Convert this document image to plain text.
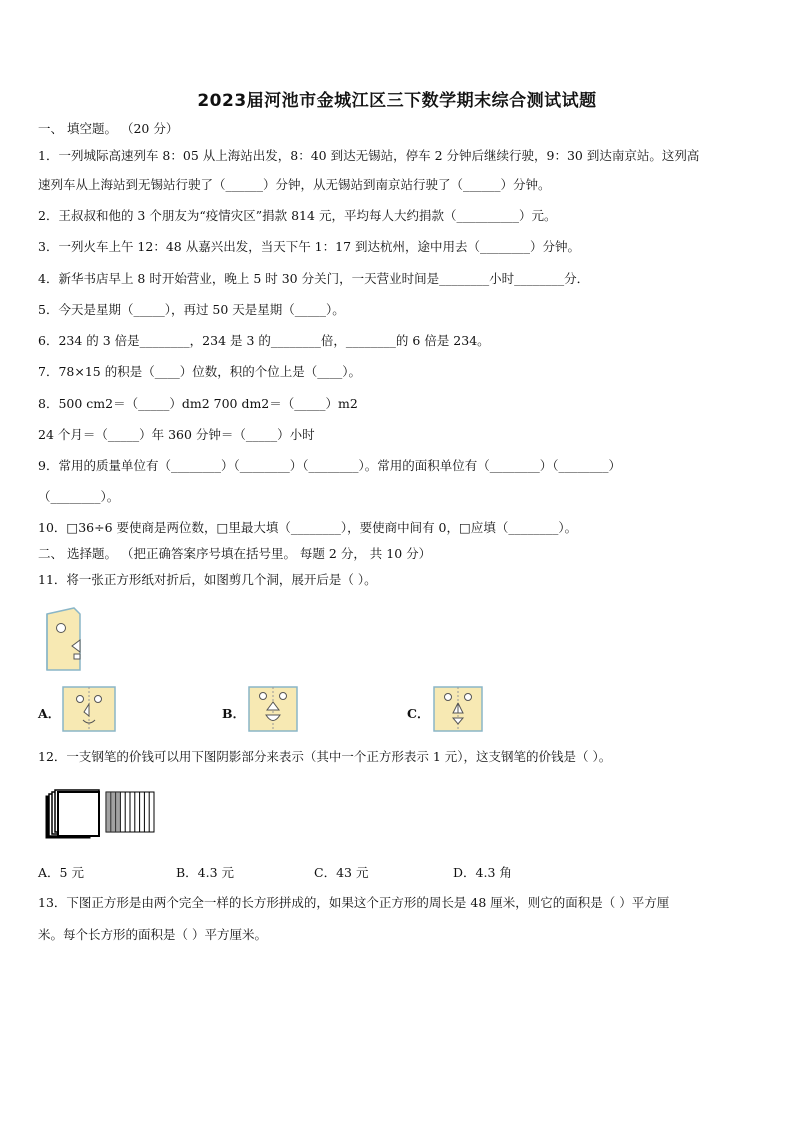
2023届河池市金城江区三下数学期末综合测试试题
一、 填空题。 （20 分）
1．一列城际高速列车 8：05 从上海站出发，8：40 到达无锡站，停车 2 分钟后继续行驶，9：30 到达南京站。这列高
速列车从上海站到无锡站行驶了（______）分钟，从无锡站到南京站行驶了（______）分钟。
2．王叔叔和他的 3 个朋友为“疫情灾区”捐款 814 元，平均每人大约捐款（__________）元。
3．一列火车上午 12：48 从嘉兴出发，当天下午 1：17 到达杭州，途中用去（________）分钟。
4．新华书店早上 8 时开始营业，晚上 5 时 30 分关门，一天营业时间是________小时________分．
5．今天是星期（_____），再过 50 天是星期（_____）。
6．234 的 3 倍是________，234 是 3 的________倍，________的 6 倍是 234。
7．78×15 的积是（____）位数，积的个位上是（____）。
8．500 cm2＝（_____）dm2 700 dm2＝（_____）m2
24 个月＝（_____）年 360 分钟＝（_____）小时
9．常用的质量单位有（________）（________）（________）。常用的面积单位有（________）（________）
（________）。
10．□36÷6 要使商是两位数，□里最大填（________），要使商中间有 0，□应填（________）。
二、 选择题。 （把正确答案序号填在括号里。 每题 2 分， 共 10 分）
11．将一张正方形纸对折后，如图剪几个洞，展开后是（ ）。
A．	B．	C．
12．一支钢笔的价钱可以用下图阴影部分来表示（其中一个正方形表示 1 元），这支钢笔的价钱是（ ）。
A．5 元	B．4.3 元	C．43 元	D．4.3 角
13．下图正方形是由两个完全一样的长方形拼成的，如果这个正方形的周长是 48 厘米，则它的面积是（ ）平方厘
米。每个长方形的面积是（ ）平方厘米。
